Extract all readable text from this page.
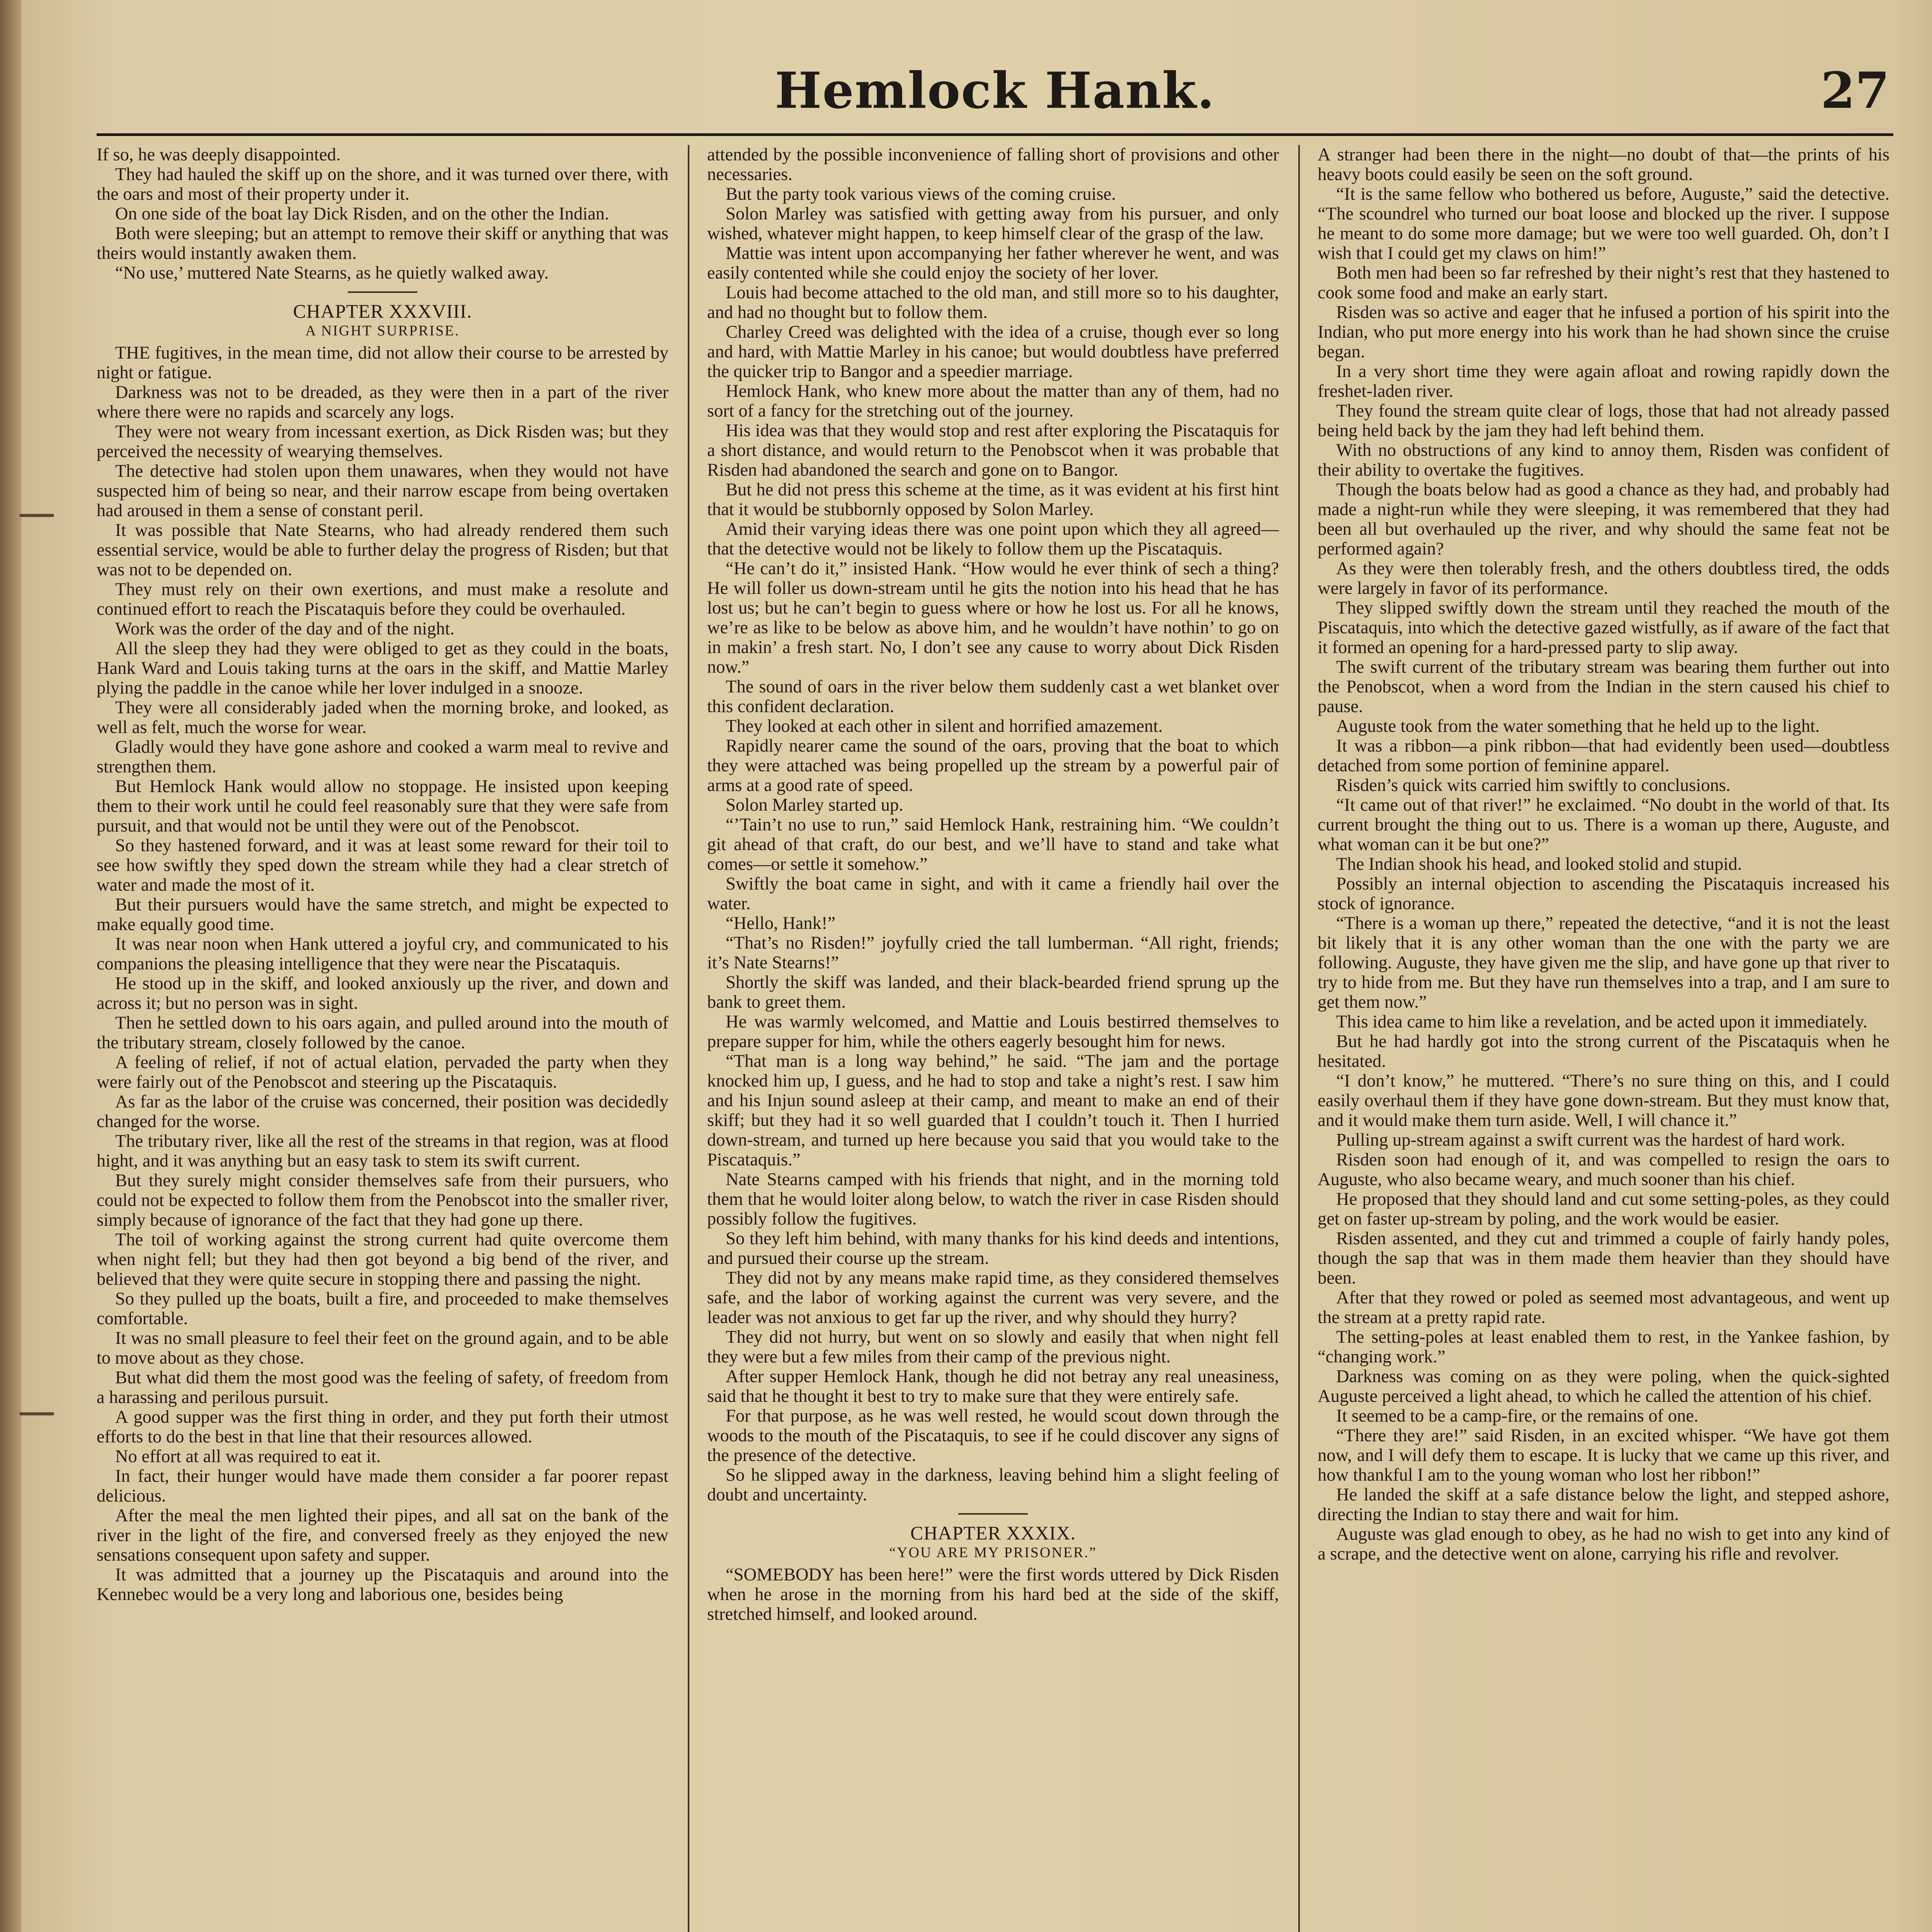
Hemlock Hank.	27

If so, he was deeply disappointed.

They had hauled the skiff up on the shore, and it was turned over there, with the oars and most of their property under it.

On one side of the boat lay Dick Risden, and on the other the Indian.

Both were sleeping; but an attempt to remove their skiff or anything that was theirs would instantly awaken them.

“No use,’ muttered Nate Stearns, as he quietly walked away.

CHAPTER XXXVIII.
A NIGHT SURPRISE.

THE fugitives, in the mean time, did not allow their course to be arrested by night or fatigue.

Darkness was not to be dreaded, as they were then in a part of the river where there were no rapids and scarcely any logs.

They were not weary from incessant exertion, as Dick Risden was; but they perceived the necessity of wearying themselves.

The detective had stolen upon them unawares, when they would not have suspected him of being so near, and their narrow escape from being overtaken had aroused in them a sense of constant peril.

It was possible that Nate Stearns, who had already rendered them such essential service, would be able to further delay the progress of Risden; but that was not to be depended on.

They must rely on their own exertions, and must make a resolute and continued effort to reach the Piscataquis before they could be overhauled.

Work was the order of the day and of the night.

All the sleep they had they were obliged to get as they could in the boats, Hank Ward and Louis taking turns at the oars in the skiff, and Mattie Marley plying the paddle in the canoe while her lover indulged in a snooze.

They were all considerably jaded when the morning broke, and looked, as well as felt, much the worse for wear.

Gladly would they have gone ashore and cooked a warm meal to revive and strengthen them.

But Hemlock Hank would allow no stoppage. He insisted upon keeping them to their work until he could feel reasonably sure that they were safe from pursuit, and that would not be until they were out of the Penobscot.

So they hastened forward, and it was at least some reward for their toil to see how swiftly they sped down the stream while they had a clear stretch of water and made the most of it.

But their pursuers would have the same stretch, and might be expected to make equally good time.

It was near noon when Hank uttered a joyful cry, and communicated to his companions the pleasing intelligence that they were near the Piscataquis.

He stood up in the skiff, and looked anxiously up the river, and down and across it; but no person was in sight.

Then he settled down to his oars again, and pulled around into the mouth of the tributary stream, closely followed by the canoe.

A feeling of relief, if not of actual elation, pervaded the party when they were fairly out of the Penobscot and steering up the Piscataquis.

As far as the labor of the cruise was concerned, their position was decidedly changed for the worse.

The tributary river, like all the rest of the streams in that region, was at flood hight, and it was anything but an easy task to stem its swift current.

But they surely might consider themselves safe from their pursuers, who could not be expected to follow them from the Penobscot into the smaller river, simply because of ignorance of the fact that they had gone up there.

The toil of working against the strong current had quite overcome them when night fell; but they had then got beyond a big bend of the river, and believed that they were quite secure in stopping there and passing the night.

So they pulled up the boats, built a fire, and proceeded to make themselves comfortable.

It was no small pleasure to feel their feet on the ground again, and to be able to move about as they chose.

But what did them the most good was the feeling of safety, of freedom from a harassing and perilous pursuit.

A good supper was the first thing in order, and they put forth their utmost efforts to do the best in that line that their resources allowed.

No effort at all was required to eat it.

In fact, their hunger would have made them consider a far poorer repast delicious.

After the meal the men lighted their pipes, and all sat on the bank of the river in the light of the fire, and conversed freely as they enjoyed the new sensations consequent upon safety and supper.

It was admitted that a journey up the Piscataquis and around into the Kennebec would be a very long and laborious one, besides being

attended by the possible inconvenience of falling short of provisions and other necessaries.

But the party took various views of the coming cruise.

Solon Marley was satisfied with getting away from his pursuer, and only wished, whatever might happen, to keep himself clear of the grasp of the law.

Mattie was intent upon accompanying her father wherever he went, and was easily contented while she could enjoy the society of her lover.

Louis had become attached to the old man, and still more so to his daughter, and had no thought but to follow them.

Charley Creed was delighted with the idea of a cruise, though ever so long and hard, with Mattie Marley in his canoe; but would doubtless have preferred the quicker trip to Bangor and a speedier marriage.

Hemlock Hank, who knew more about the matter than any of them, had no sort of a fancy for the stretching out of the journey.

His idea was that they would stop and rest after exploring the Piscataquis for a short distance, and would return to the Penobscot when it was probable that Risden had abandoned the search and gone on to Bangor.

But he did not press this scheme at the time, as it was evident at his first hint that it would be stubbornly opposed by Solon Marley.

Amid their varying ideas there was one point upon which they all agreed—that the detective would not be likely to follow them up the Piscataquis.

“He can’t do it,” insisted Hank. “How would he ever think of sech a thing? He will foller us down-stream until he gits the notion into his head that he has lost us; but he can’t begin to guess where or how he lost us. For all he knows, we’re as like to be below as above him, and he wouldn’t have nothin’ to go on in makin’ a fresh start. No, I don’t see any cause to worry about Dick Risden now.”

The sound of oars in the river below them suddenly cast a wet blanket over this confident declaration.

They looked at each other in silent and horrified amazement.

Rapidly nearer came the sound of the oars, proving that the boat to which they were attached was being propelled up the stream by a powerful pair of arms at a good rate of speed.

Solon Marley started up.

“’Tain’t no use to run,” said Hemlock Hank, restraining him. “We couldn’t git ahead of that craft, do our best, and we’ll have to stand and take what comes—or settle it somehow.”

Swiftly the boat came in sight, and with it came a friendly hail over the water.

“Hello, Hank!”

“That’s no Risden!” joyfully cried the tall lumberman. “All right, friends; it’s Nate Stearns!”

Shortly the skiff was landed, and their black-bearded friend sprung up the bank to greet them.

He was warmly welcomed, and Mattie and Louis bestirred themselves to prepare supper for him, while the others eagerly besought him for news.

“That man is a long way behind,” he said. “The jam and the portage knocked him up, I guess, and he had to stop and take a night’s rest. I saw him and his Injun sound asleep at their camp, and meant to make an end of their skiff; but they had it so well guarded that I couldn’t touch it. Then I hurried down-stream, and turned up here because you said that you would take to the Piscataquis.”

Nate Stearns camped with his friends that night, and in the morning told them that he would loiter along below, to watch the river in case Risden should possibly follow the fugitives.

So they left him behind, with many thanks for his kind deeds and intentions, and pursued their course up the stream.

They did not by any means make rapid time, as they considered themselves safe, and the labor of working against the current was very severe, and the leader was not anxious to get far up the river, and why should they hurry?

They did not hurry, but went on so slowly and easily that when night fell they were but a few miles from their camp of the previous night.

After supper Hemlock Hank, though he did not betray any real uneasiness, said that he thought it best to try to make sure that they were entirely safe.

For that purpose, as he was well rested, he would scout down through the woods to the mouth of the Piscataquis, to see if he could discover any signs of the presence of the detective.

So he slipped away in the darkness, leaving behind him a slight feeling of doubt and uncertainty.

CHAPTER XXXIX.
“YOU ARE MY PRISONER.”

“SOMEBODY has been here!” were the first words uttered by Dick Risden when he arose in the morning from his hard bed at the side of the skiff, stretched himself, and looked around.

A stranger had been there in the night—no doubt of that—the prints of his heavy boots could easily be seen on the soft ground.

“It is the same fellow who bothered us before, Auguste,” said the detective. “The scoundrel who turned our boat loose and blocked up the river. I suppose he meant to do some more damage; but we were too well guarded. Oh, don’t I wish that I could get my claws on him!”

Both men had been so far refreshed by their night’s rest that they hastened to cook some food and make an early start.

Risden was so active and eager that he infused a portion of his spirit into the Indian, who put more energy into his work than he had shown since the cruise began.

In a very short time they were again afloat and rowing rapidly down the freshet-laden river.

They found the stream quite clear of logs, those that had not already passed being held back by the jam they had left behind them.

With no obstructions of any kind to annoy them, Risden was confident of their ability to overtake the fugitives.

Though the boats below had as good a chance as they had, and probably had made a night-run while they were sleeping, it was remembered that they had been all but overhauled up the river, and why should the same feat not be performed again?

As they were then tolerably fresh, and the others doubtless tired, the odds were largely in favor of its performance.

They slipped swiftly down the stream until they reached the mouth of the Piscataquis, into which the detective gazed wistfully, as if aware of the fact that it formed an opening for a hard-pressed party to slip away.

The swift current of the tributary stream was bearing them further out into the Penobscot, when a word from the Indian in the stern caused his chief to pause.

Auguste took from the water something that he held up to the light.

It was a ribbon—a pink ribbon—that had evidently been used—doubtless detached from some portion of feminine apparel.

Risden’s quick wits carried him swiftly to conclusions.

“It came out of that river!” he exclaimed. “No doubt in the world of that. Its current brought the thing out to us. There is a woman up there, Auguste, and what woman can it be but one?”

The Indian shook his head, and looked stolid and stupid.

Possibly an internal objection to ascending the Piscataquis increased his stock of ignorance.

“There is a woman up there,” repeated the detective, “and it is not the least bit likely that it is any other woman than the one with the party we are following. Auguste, they have given me the slip, and have gone up that river to try to hide from me. But they have run themselves into a trap, and I am sure to get them now.”

This idea came to him like a revelation, and be acted upon it immediately.

But he had hardly got into the strong current of the Piscataquis when he hesitated.

“I don’t know,” he muttered. “There’s no sure thing on this, and I could easily overhaul them if they have gone down-stream. But they must know that, and it would make them turn aside. Well, I will chance it.”

Pulling up-stream against a swift current was the hardest of hard work.

Risden soon had enough of it, and was compelled to resign the oars to Auguste, who also became weary, and much sooner than his chief.

He proposed that they should land and cut some setting-poles, as they could get on faster up-stream by poling, and the work would be easier.

Risden assented, and they cut and trimmed a couple of fairly handy poles, though the sap that was in them made them heavier than they should have been.

After that they rowed or poled as seemed most advantageous, and went up the stream at a pretty rapid rate.

The setting-poles at least enabled them to rest, in the Yankee fashion, by “changing work.”

Darkness was coming on as they were poling, when the quick-sighted Auguste perceived a light ahead, to which he called the attention of his chief.

It seemed to be a camp-fire, or the remains of one.

“There they are!” said Risden, in an excited whisper. “We have got them now, and I will defy them to escape. It is lucky that we came up this river, and how thankful I am to the young woman who lost her ribbon!”

He landed the skiff at a safe distance below the light, and stepped ashore, directing the Indian to stay there and wait for him.

Auguste was glad enough to obey, as he had no wish to get into any kind of a scrape, and the detective went on alone, carrying his rifle and revolver.
